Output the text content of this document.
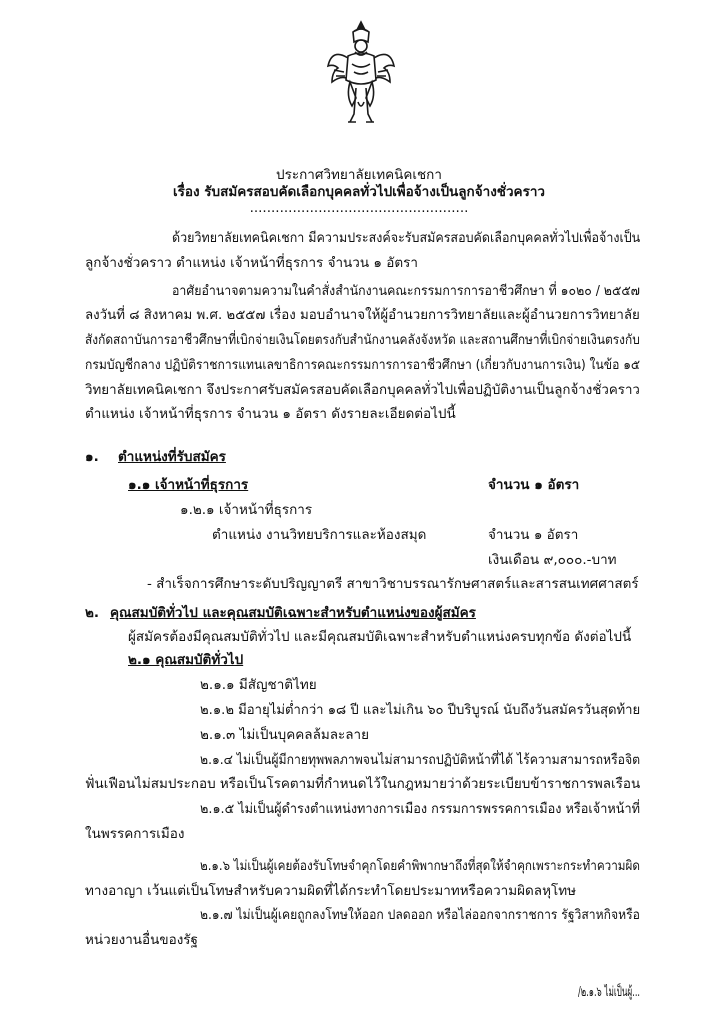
ประกาศวิทยาลัยเทคนิคเชกา
เรื่อง รับสมัครสอบคัดเลือกบุคคลทั่วไปเพื่อจ้างเป็นลูกจ้างชั่วคราว
...................................................
ด้วยวิทยาลัยเทคนิคเชกา มีความประสงค์จะรับสมัครสอบคัดเลือกบุคคลทั่วไปเพื่อจ้างเป็น
ลูกจ้างชั่วคราว ตำแหน่ง เจ้าหน้าที่ธุรการ จำนวน ๑ อัตรา
อาศัยอำนาจตามความในคำสั่งสำนักงานคณะกรรมการการอาชีวศึกษา ที่ ๑๐๒๐ / ๒๕๕๗
ลงวันที่ ๘ สิงหาคม พ.ศ. ๒๕๕๗ เรื่อง มอบอำนาจให้ผู้อำนวยการวิทยาลัยและผู้อำนวยการวิทยาลัย
สังกัดสถาบันการอาชีวศึกษาที่เบิกจ่ายเงินโดยตรงกับสำนักงานคลังจังหวัด และสถานศึกษาที่เบิกจ่ายเงินตรงกับ
กรมบัญชีกลาง ปฏิบัติราชการแทนเลขาธิการคณะกรรมการการอาชีวศึกษา (เกี่ยวกับงานการเงิน) ในข้อ ๑๕
วิทยาลัยเทคนิคเชกา จึงประกาศรับสมัครสอบคัดเลือกบุคคลทั่วไปเพื่อปฏิบัติงานเป็นลูกจ้างชั่วคราว
ตำแหน่ง เจ้าหน้าที่ธุรการ จำนวน ๑ อัตรา ดังรายละเอียดต่อไปนี้
๑. ตำแหน่งที่รับสมัคร
๑.๑ เจ้าหน้าที่ธุรการ	จำนวน ๑ อัตรา
๑.๒.๑ เจ้าหน้าที่ธุรการ
ตำแหน่ง งานวิทยบริการและห้องสมุด	จำนวน ๑ อัตรา
เงินเดือน ๙,๐๐๐.-บาท
- สำเร็จการศึกษาระดับปริญญาตรี สาขาวิชาบรรณารักษศาสตร์และสารสนเทศศาสตร์
๒. คุณสมบัติทั่วไป และคุณสมบัติเฉพาะสำหรับตำแหน่งของผู้สมัคร
ผู้สมัครต้องมีคุณสมบัติทั่วไป และมีคุณสมบัติเฉพาะสำหรับตำแหน่งครบทุกข้อ ดังต่อไปนี้
๒.๑ คุณสมบัติทั่วไป
๒.๑.๑ มีสัญชาติไทย
๒.๑.๒ มีอายุไม่ต่ำกว่า ๑๘ ปี และไม่เกิน ๖๐ ปีบริบูรณ์ นับถึงวันสมัครวันสุดท้าย
๒.๑.๓ ไม่เป็นบุคคลล้มละลาย
๒.๑.๔ ไม่เป็นผู้มีกายทุพพลภาพจนไม่สามารถปฏิบัติหน้าที่ได้ ไร้ความสามารถหรือจิต
ฟั่นเฟือนไม่สมประกอบ หรือเป็นโรคตามที่กำหนดไว้ในกฎหมายว่าด้วยระเบียบข้าราชการพลเรือน
๒.๑.๕ ไม่เป็นผู้ดำรงตำแหน่งทางการเมือง กรรมการพรรคการเมือง หรือเจ้าหน้าที่
ในพรรคการเมือง
๒.๑.๖ ไม่เป็นผู้เคยต้องรับโทษจำคุกโดยคำพิพากษาถึงที่สุดให้จำคุกเพราะกระทำความผิด
ทางอาญา เว้นแต่เป็นโทษสำหรับความผิดที่ได้กระทำโดยประมาทหรือความผิดลหุโทษ
๒.๑.๗ ไม่เป็นผู้เคยถูกลงโทษให้ออก ปลดออก หรือไล่ออกจากราชการ รัฐวิสาหกิจหรือ
หน่วยงานอื่นของรัฐ
/๒.๑.๖ ไม่เป็นผู้...
